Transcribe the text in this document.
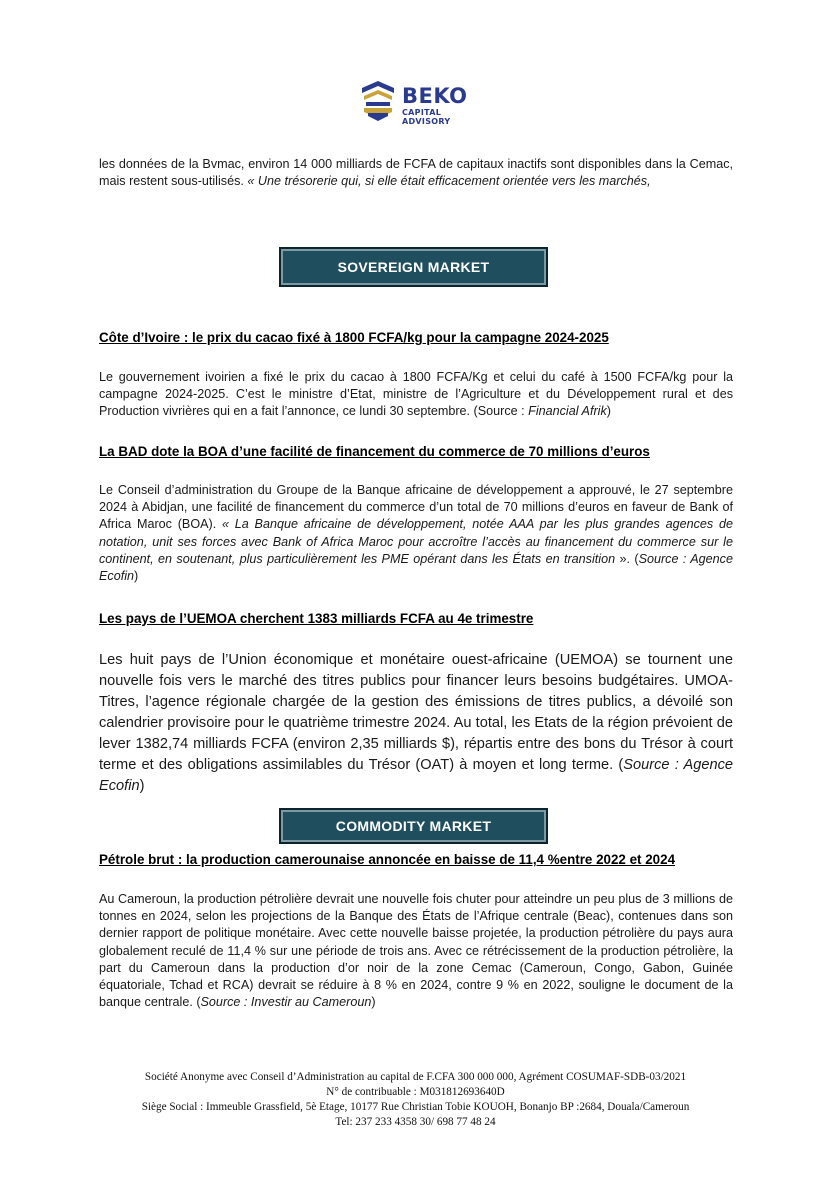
BEKO
CAPITAL ADVISORY

les données de la Bvmac, environ 14 000 milliards de FCFA de capitaux inactifs sont disponibles dans la Cemac, mais restent sous-utilisés. « Une trésorerie qui, si elle était efficacement orientée vers les marchés,

SOVEREIGN MARKET
Côte d’Ivoire : le prix du cacao fixé à 1800 FCFA/kg pour la campagne 2024-2025

Le gouvernement ivoirien a fixé le prix du cacao à 1800 FCFA/Kg et celui du café à 1500 FCFA/kg pour la campagne 2024-2025. C’est le ministre d’Etat, ministre de l’Agriculture et du Développement rural et des Production vivrières qui en a fait l’annonce, ce lundi 30 septembre. (Source : Financial Afrik)

La BAD dote la BOA d’une facilité de financement du commerce de 70 millions d’euros

Le Conseil d’administration du Groupe de la Banque africaine de développement a approuvé, le 27 septembre 2024 à Abidjan, une facilité de financement du commerce d’un total de 70 millions d’euros en faveur de Bank of Africa Maroc (BOA). « La Banque africaine de développement, notée AAA par les plus grandes agences de notation, unit ses forces avec Bank of Africa Maroc pour accroître l’accès au financement du commerce sur le continent, en soutenant, plus particulièrement les PME opérant dans les États en transition ». (Source : Agence Ecofin)

Les pays de l’UEMOA cherchent 1383 milliards FCFA au 4e trimestre

Les huit pays de l’Union économique et monétaire ouest-africaine (UEMOA) se tournent une nouvelle fois vers le marché des titres publics pour financer leurs besoins budgétaires. UMOA-Titres, l’agence régionale chargée de la gestion des émissions de titres publics, a dévoilé son calendrier provisoire pour le quatrième trimestre 2024. Au total, les Etats de la région prévoient de lever 1382,74 milliards FCFA (environ 2,35 milliards $), répartis entre des bons du Trésor à court terme et des obligations assimilables du Trésor (OAT) à moyen et long terme. (Source : Agence Ecofin)

COMMODITY MARKET
Pétrole brut : la production camerounaise annoncée en baisse de 11,4 %entre 2022 et 2024

Au Cameroun, la production pétrolière devrait une nouvelle fois chuter pour atteindre un peu plus de 3 millions de tonnes en 2024, selon les projections de la Banque des États de l’Afrique centrale (Beac), contenues dans son dernier rapport de politique monétaire. Avec cette nouvelle baisse projetée, la production pétrolière du pays aura globalement reculé de 11,4 % sur une période de trois ans. Avec ce rétrécissement de la production pétrolière, la part du Cameroun dans la production d’or noir de la zone Cemac (Cameroun, Congo, Gabon, Guinée équatoriale, Tchad et RCA) devrait se réduire à 8 % en 2024, contre 9 % en 2022, souligne le document de la banque centrale. (Source : Investir au Cameroun)

Société Anonyme avec Conseil d’Administration au capital de F.CFA 300 000 000, Agrément COSUMAF-SDB-03/2021
N° de contribuable : M031812693640D
Siège Social : Immeuble Grassfield, 5è Etage, 10177 Rue Christian Tobie KOUOH, Bonanjo BP :2684, Douala/Cameroun
Tel: 237 233 4358 30/ 698 77 48 24
